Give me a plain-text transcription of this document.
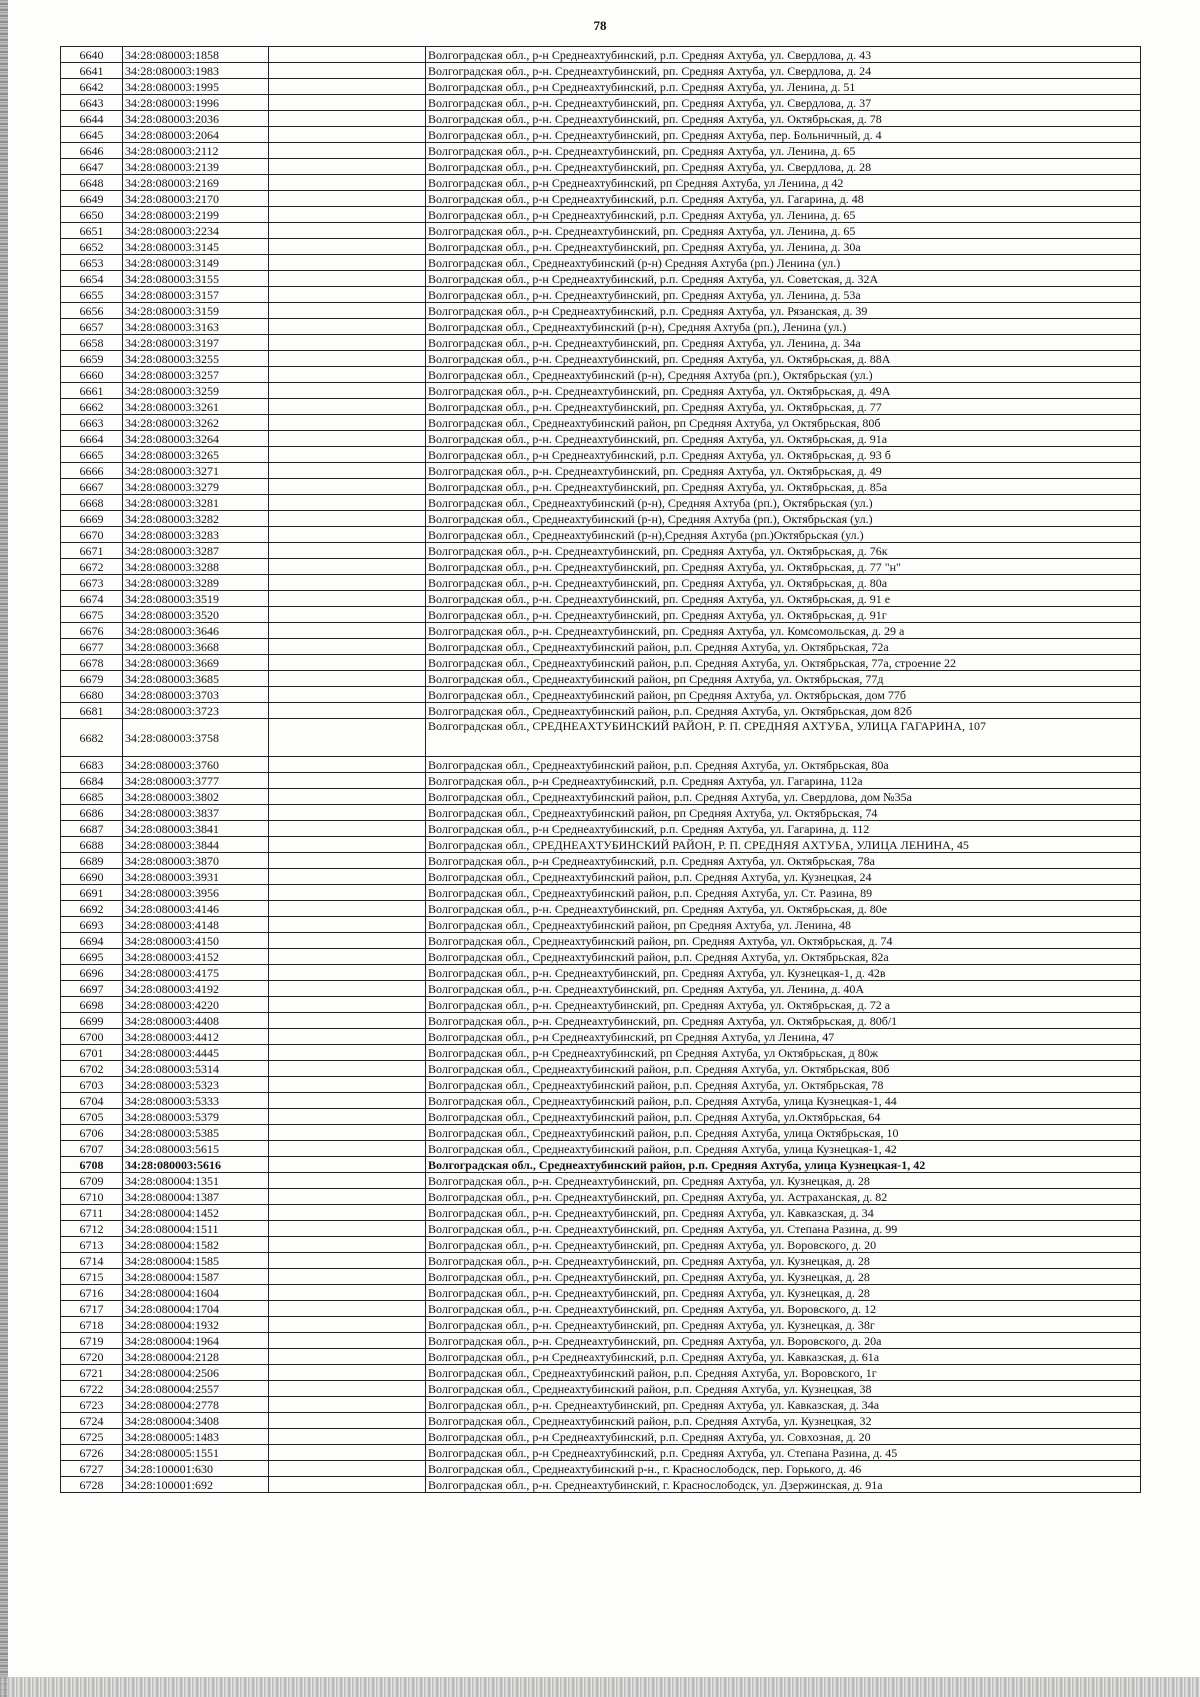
78
6640	34:28:080003:1858		Волгоградская обл., р-н Среднеахтубинский, р.п. Средняя Ахтуба, ул. Свердлова, д. 43
6641	34:28:080003:1983		Волгоградская обл., р-н. Среднеахтубинский, рп. Средняя Ахтуба, ул. Свердлова, д. 24
6642	34:28:080003:1995		Волгоградская обл., р-н Среднеахтубинский, р.п. Средняя Ахтуба, ул. Ленина, д. 51
6643	34:28:080003:1996		Волгоградская обл., р-н. Среднеахтубинский, рп. Средняя Ахтуба, ул. Свердлова, д. 37
6644	34:28:080003:2036		Волгоградская обл., р-н. Среднеахтубинский, рп. Средняя Ахтуба, ул. Октябрьская, д. 78
6645	34:28:080003:2064		Волгоградская обл., р-н. Среднеахтубинский, рп. Средняя Ахтуба, пер. Больничный, д. 4
6646	34:28:080003:2112		Волгоградская обл., р-н. Среднеахтубинский, рп. Средняя Ахтуба, ул. Ленина, д. 65
6647	34:28:080003:2139		Волгоградская обл., р-н. Среднеахтубинский, рп. Средняя Ахтуба, ул. Свердлова, д. 28
6648	34:28:080003:2169		Волгоградская обл., р-н Среднеахтубинский, рп Средняя Ахтуба, ул Ленина, д 42
6649	34:28:080003:2170		Волгоградская обл., р-н Среднеахтубинский, р.п. Средняя Ахтуба, ул. Гагарина, д. 48
6650	34:28:080003:2199		Волгоградская обл., р-н Среднеахтубинский, р.п. Средняя Ахтуба, ул. Ленина, д. 65
6651	34:28:080003:2234		Волгоградская обл., р-н. Среднеахтубинский, рп. Средняя Ахтуба, ул. Ленина, д. 65
6652	34:28:080003:3145		Волгоградская обл., р-н. Среднеахтубинский, рп. Средняя Ахтуба, ул. Ленина, д. 30а
6653	34:28:080003:3149		Волгоградская обл., Среднеахтубинский (р-н) Средняя Ахтуба (рп.) Ленина (ул.)
6654	34:28:080003:3155		Волгоградская обл., р-н Среднеахтубинский, р.п. Средняя Ахтуба, ул. Советская, д. 32А
6655	34:28:080003:3157		Волгоградская обл., р-н. Среднеахтубинский, рп. Средняя Ахтуба, ул. Ленина, д. 53а
6656	34:28:080003:3159		Волгоградская обл., р-н Среднеахтубинский, р.п. Средняя Ахтуба, ул. Рязанская, д. 39
6657	34:28:080003:3163		Волгоградская обл., Среднеахтубинский (р-н), Средняя Ахтуба (рп.), Ленина (ул.)
6658	34:28:080003:3197		Волгоградская обл., р-н. Среднеахтубинский, рп. Средняя Ахтуба, ул. Ленина, д. 34а
6659	34:28:080003:3255		Волгоградская обл., р-н. Среднеахтубинский, рп. Средняя Ахтуба, ул. Октябрьская, д. 88А
6660	34:28:080003:3257		Волгоградская обл., Среднеахтубинский (р-н), Средняя Ахтуба (рп.), Октябрьская (ул.)
6661	34:28:080003:3259		Волгоградская обл., р-н. Среднеахтубинский, рп. Средняя Ахтуба, ул. Октябрьская, д. 49А
6662	34:28:080003:3261		Волгоградская обл., р-н. Среднеахтубинский, рп. Средняя Ахтуба, ул. Октябрьская, д. 77
6663	34:28:080003:3262		Волгоградская обл., Среднеахтубинский район, рп Средняя Ахтуба, ул Октябрьская, 80б
6664	34:28:080003:3264		Волгоградская обл., р-н. Среднеахтубинский, рп. Средняя Ахтуба, ул. Октябрьская, д. 91а
6665	34:28:080003:3265		Волгоградская обл., р-н Среднеахтубинский, р.п. Средняя Ахтуба, ул. Октябрьская, д. 93 б
6666	34:28:080003:3271		Волгоградская обл., р-н. Среднеахтубинский, рп. Средняя Ахтуба, ул. Октябрьская, д. 49
6667	34:28:080003:3279		Волгоградская обл., р-н. Среднеахтубинский, рп. Средняя Ахтуба, ул. Октябрьская, д. 85а
6668	34:28:080003:3281		Волгоградская обл., Среднеахтубинский (р-н), Средняя Ахтуба (рп.), Октябрьская (ул.)
6669	34:28:080003:3282		Волгоградская обл., Среднеахтубинский (р-н), Средняя Ахтуба (рп.), Октябрьская (ул.)
6670	34:28:080003:3283		Волгоградская обл., Среднеахтубинский (р-н),Средняя Ахтуба (рп.)Октябрьская (ул.)
6671	34:28:080003:3287		Волгоградская обл., р-н. Среднеахтубинский, рп. Средняя Ахтуба, ул. Октябрьская, д. 76к
6672	34:28:080003:3288		Волгоградская обл., р-н. Среднеахтубинский, рп. Средняя Ахтуба, ул. Октябрьская, д. 77 "н"
6673	34:28:080003:3289		Волгоградская обл., р-н. Среднеахтубинский, рп. Средняя Ахтуба, ул. Октябрьская, д. 80а
6674	34:28:080003:3519		Волгоградская обл., р-н. Среднеахтубинский, рп. Средняя Ахтуба, ул. Октябрьская, д. 91 е
6675	34:28:080003:3520		Волгоградская обл., р-н. Среднеахтубинский, рп. Средняя Ахтуба, ул. Октябрьская, д. 91г
6676	34:28:080003:3646		Волгоградская обл., р-н. Среднеахтубинский, рп. Средняя Ахтуба, ул. Комсомольская, д. 29 а
6677	34:28:080003:3668		Волгоградская обл., Среднеахтубинский район, р.п. Средняя Ахтуба, ул. Октябрьская, 72а
6678	34:28:080003:3669		Волгоградская обл., Среднеахтубинский район, р.п. Средняя Ахтуба, ул. Октябрьская, 77а, строение 22
6679	34:28:080003:3685		Волгоградская обл., Среднеахтубинский район, рп Средняя Ахтуба, ул. Октябрьская, 77д
6680	34:28:080003:3703		Волгоградская обл., Среднеахтубинский район, рп Средняя Ахтуба, ул. Октябрьская, дом 77б
6681	34:28:080003:3723		Волгоградская обл., Среднеахтубинский район, р.п. Средняя Ахтуба, ул. Октябрьская, дом 82б
6682	34:28:080003:3758		Волгоградская обл., СРЕДНЕАХТУБИНСКИЙ РАЙОН, Р. П. СРЕДНЯЯ АХТУБА, УЛИЦА ГАГАРИНА, 107
6683	34:28:080003:3760		Волгоградская обл., Среднеахтубинский район, р.п. Средняя Ахтуба, ул. Октябрьская, 80а
6684	34:28:080003:3777		Волгоградская обл., р-н Среднеахтубинский, р.п. Средняя Ахтуба, ул. Гагарина, 112а
6685	34:28:080003:3802		Волгоградская обл., Среднеахтубинский район, р.п. Средняя Ахтуба, ул. Свердлова, дом №35а
6686	34:28:080003:3837		Волгоградская обл., Среднеахтубинский район, рп Средняя Ахтуба, ул. Октябрьская, 74
6687	34:28:080003:3841		Волгоградская обл., р-н Среднеахтубинский, р.п. Средняя Ахтуба, ул. Гагарина, д. 112
6688	34:28:080003:3844		Волгоградская обл., СРЕДНЕАХТУБИНСКИЙ РАЙОН, Р. П. СРЕДНЯЯ АХТУБА, УЛИЦА ЛЕНИНА, 45
6689	34:28:080003:3870		Волгоградская обл., р-н Среднеахтубинский, р.п. Средняя Ахтуба, ул. Октябрьская, 78а
6690	34:28:080003:3931		Волгоградская обл., Среднеахтубинский район, р.п. Средняя Ахтуба, ул. Кузнецкая, 24
6691	34:28:080003:3956		Волгоградская обл., Среднеахтубинский район, р.п. Средняя Ахтуба, ул. Ст. Разина, 89
6692	34:28:080003:4146		Волгоградская обл., р-н. Среднеахтубинский, рп. Средняя Ахтуба, ул. Октябрьская, д. 80е
6693	34:28:080003:4148		Волгоградская обл., Среднеахтубинский район, рп Средняя Ахтуба, ул. Ленина, 48
6694	34:28:080003:4150		Волгоградская обл., Среднеахтубинский район, рп. Средняя Ахтуба, ул. Октябрьская, д. 74
6695	34:28:080003:4152		Волгоградская обл., Среднеахтубинский район, р.п. Средняя Ахтуба, ул. Октябрьская, 82а
6696	34:28:080003:4175		Волгоградская обл., р-н. Среднеахтубинский, рп. Средняя Ахтуба, ул. Кузнецкая-1, д. 42в
6697	34:28:080003:4192		Волгоградская обл., р-н. Среднеахтубинский, рп. Средняя Ахтуба, ул. Ленина, д. 40А
6698	34:28:080003:4220		Волгоградская обл., р-н. Среднеахтубинский, рп. Средняя Ахтуба, ул. Октябрьская, д. 72 а
6699	34:28:080003:4408		Волгоградская обл., р-н. Среднеахтубинский, рп. Средняя Ахтуба, ул. Октябрьская, д. 80б/1
6700	34:28:080003:4412		Волгоградская обл., р-н Среднеахтубинский, рп Средняя Ахтуба, ул Ленина, 47
6701	34:28:080003:4445		Волгоградская обл., р-н Среднеахтубинский, рп Средняя Ахтуба, ул Октябрьская, д 80ж
6702	34:28:080003:5314		Волгоградская обл., Среднеахтубинский район, р.п. Средняя Ахтуба, ул. Октябрьская, 80б
6703	34:28:080003:5323		Волгоградская обл., Среднеахтубинский район, р.п. Средняя Ахтуба, ул. Октябрьская, 78
6704	34:28:080003:5333		Волгоградская обл., Среднеахтубинский район, р.п. Средняя Ахтуба, улица Кузнецкая-1, 44
6705	34:28:080003:5379		Волгоградская обл., Среднеахтубинский район, р.п. Средняя Ахтуба, ул.Октябрьская, 64
6706	34:28:080003:5385		Волгоградская обл., Среднеахтубинский район, р.п. Средняя Ахтуба, улица Октябрьская, 10
6707	34:28:080003:5615		Волгоградская обл., Среднеахтубинский район, р.п. Средняя Ахтуба, улица Кузнецкая-1, 42
6708	34:28:080003:5616		Волгоградская обл., Среднеахтубинский район, р.п. Средняя Ахтуба, улица Кузнецкая-1, 42
6709	34:28:080004:1351		Волгоградская обл., р-н. Среднеахтубинский, рп. Средняя Ахтуба, ул. Кузнецкая, д. 28
6710	34:28:080004:1387		Волгоградская обл., р-н. Среднеахтубинский, рп. Средняя Ахтуба, ул. Астраханская, д. 82
6711	34:28:080004:1452		Волгоградская обл., р-н. Среднеахтубинский, рп. Средняя Ахтуба, ул. Кавказская, д. 34
6712	34:28:080004:1511		Волгоградская обл., р-н. Среднеахтубинский, рп. Средняя Ахтуба, ул. Степана Разина, д. 99
6713	34:28:080004:1582		Волгоградская обл., р-н. Среднеахтубинский, рп. Средняя Ахтуба, ул. Воровского, д. 20
6714	34:28:080004:1585		Волгоградская обл., р-н. Среднеахтубинский, рп. Средняя Ахтуба, ул. Кузнецкая, д. 28
6715	34:28:080004:1587		Волгоградская обл., р-н. Среднеахтубинский, рп. Средняя Ахтуба, ул. Кузнецкая, д. 28
6716	34:28:080004:1604		Волгоградская обл., р-н. Среднеахтубинский, рп. Средняя Ахтуба, ул. Кузнецкая, д. 28
6717	34:28:080004:1704		Волгоградская обл., р-н. Среднеахтубинский, рп. Средняя Ахтуба, ул. Воровского, д. 12
6718	34:28:080004:1932		Волгоградская обл., р-н. Среднеахтубинский, рп. Средняя Ахтуба, ул. Кузнецкая, д. 38г
6719	34:28:080004:1964		Волгоградская обл., р-н. Среднеахтубинский, рп. Средняя Ахтуба, ул. Воровского, д. 20а
6720	34:28:080004:2128		Волгоградская обл., р-н Среднеахтубинский, р.п. Средняя Ахтуба, ул. Кавказская, д. 61а
6721	34:28:080004:2506		Волгоградская обл., Среднеахтубинский район, р.п. Средняя Ахтуба, ул. Воровского, 1г
6722	34:28:080004:2557		Волгоградская обл., Среднеахтубинский район, р.п. Средняя Ахтуба, ул. Кузнецкая, 38
6723	34:28:080004:2778		Волгоградская обл., р-н. Среднеахтубинский, рп. Средняя Ахтуба, ул. Кавказская, д. 34а
6724	34:28:080004:3408		Волгоградская обл., Среднеахтубинский район, р.п. Средняя Ахтуба, ул. Кузнецкая, 32
6725	34:28:080005:1483		Волгоградская обл., р-н Среднеахтубинский, р.п. Средняя Ахтуба, ул. Совхозная, д. 20
6726	34:28:080005:1551		Волгоградская обл., р-н Среднеахтубинский, р.п. Средняя Ахтуба, ул. Степана Разина, д. 45
6727	34:28:100001:630		Волгоградская обл., Среднеахтубинский р-н., г. Краснослободск, пер. Горького, д. 46
6728	34:28:100001:692		Волгоградская обл., р-н. Среднеахтубинский, г. Краснослободск, ул. Дзержинская, д. 91а
